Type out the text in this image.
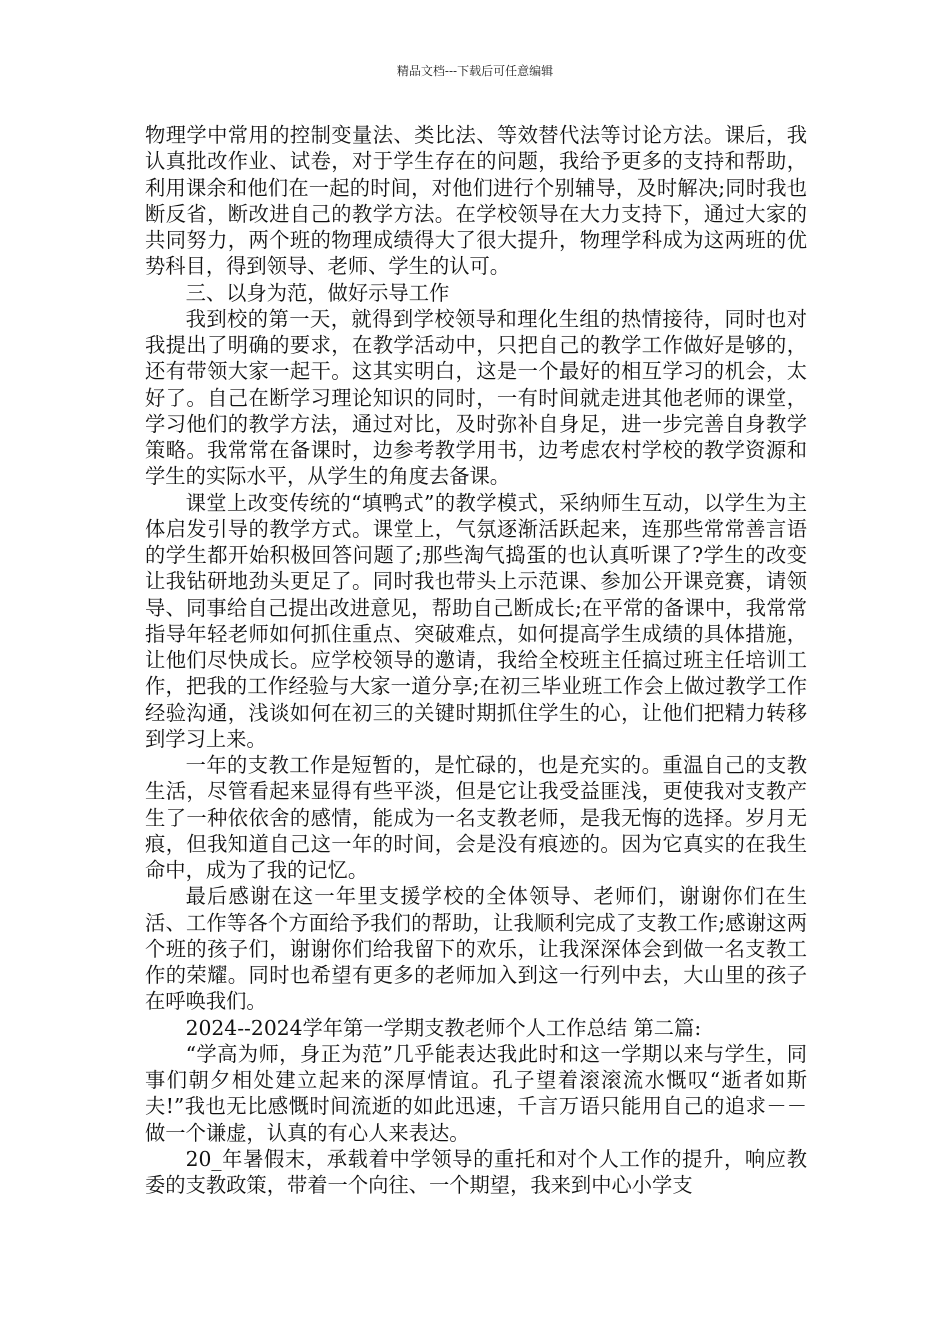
精品文档---下载后可任意编辑

物理学中常用的控制变量法、类比法、等效替代法等讨论方法。课后，我认真批改作业、试卷，对于学生存在的问题，我给予更多的支持和帮助，利用课余和他们在一起的时间，对他们进行个别辅导，及时解决;同时我也断反省，断改进自己的教学方法。在学校领导在大力支持下，通过大家的共同努力，两个班的物理成绩得大了很大提升，物理学科成为这两班的优势科目，得到领导、老师、学生的认可。

三、以身为范，做好示导工作

我到校的第一天，就得到学校领导和理化生组的热情接待，同时也对我提出了明确的要求，在教学活动中，只把自己的教学工作做好是够的，还有带领大家一起干。这其实明白，这是一个最好的相互学习的机会，太好了。自己在断学习理论知识的同时，一有时间就走进其他老师的课堂，学习他们的教学方法，通过对比，及时弥补自身足，进一步完善自身教学策略。我常常在备课时，边参考教学用书，边考虑农村学校的教学资源和学生的实际水平，从学生的角度去备课。

课堂上改变传统的“填鸭式”的教学模式，采纳师生互动，以学生为主体启发引导的教学方式。课堂上，气氛逐渐活跃起来，连那些常常善言语的学生都开始积极回答问题了;那些淘气捣蛋的也认真听课了?学生的改变让我钻研地劲头更足了。同时我也带头上示范课、参加公开课竞赛，请领导、同事给自己提出改进意见，帮助自己断成长;在平常的备课中，我常常指导年轻老师如何抓住重点、突破难点，如何提高学生成绩的具体措施，让他们尽快成长。应学校领导的邀请，我给全校班主任搞过班主任培训工作，把我的工作经验与大家一道分享;在初三毕业班工作会上做过教学工作经验沟通，浅谈如何在初三的关键时期抓住学生的心，让他们把精力转移到学习上来。

一年的支教工作是短暂的，是忙碌的，也是充实的。重温自己的支教生活，尽管看起来显得有些平淡，但是它让我受益匪浅，更使我对支教产生了一种依依舍的感情，能成为一名支教老师，是我无悔的选择。岁月无痕，但我知道自己这一年的时间，会是没有痕迹的。因为它真实的在我生命中，成为了我的记忆。

最后感谢在这一年里支援学校的全体领导、老师们，谢谢你们在生活、工作等各个方面给予我们的帮助，让我顺利完成了支教工作;感谢这两个班的孩子们，谢谢你们给我留下的欢乐，让我深深体会到做一名支教工作的荣耀。同时也希望有更多的老师加入到这一行列中去，大山里的孩子在呼唤我们。

2024--2024学年第一学期支教老师个人工作总结 第二篇:

“学高为师，身正为范”几乎能表达我此时和这一学期以来与学生，同事们朝夕相处建立起来的深厚情谊。孔子望着滚滚流水慨叹“逝者如斯夫!”我也无比感慨时间流逝的如此迅速，千言万语只能用自己的追求－－做一个谦虚，认真的有心人来表达。

20_年暑假末，承载着中学领导的重托和对个人工作的提升，响应教委的支教政策，带着一个向往、一个期望，我来到中心小学支
